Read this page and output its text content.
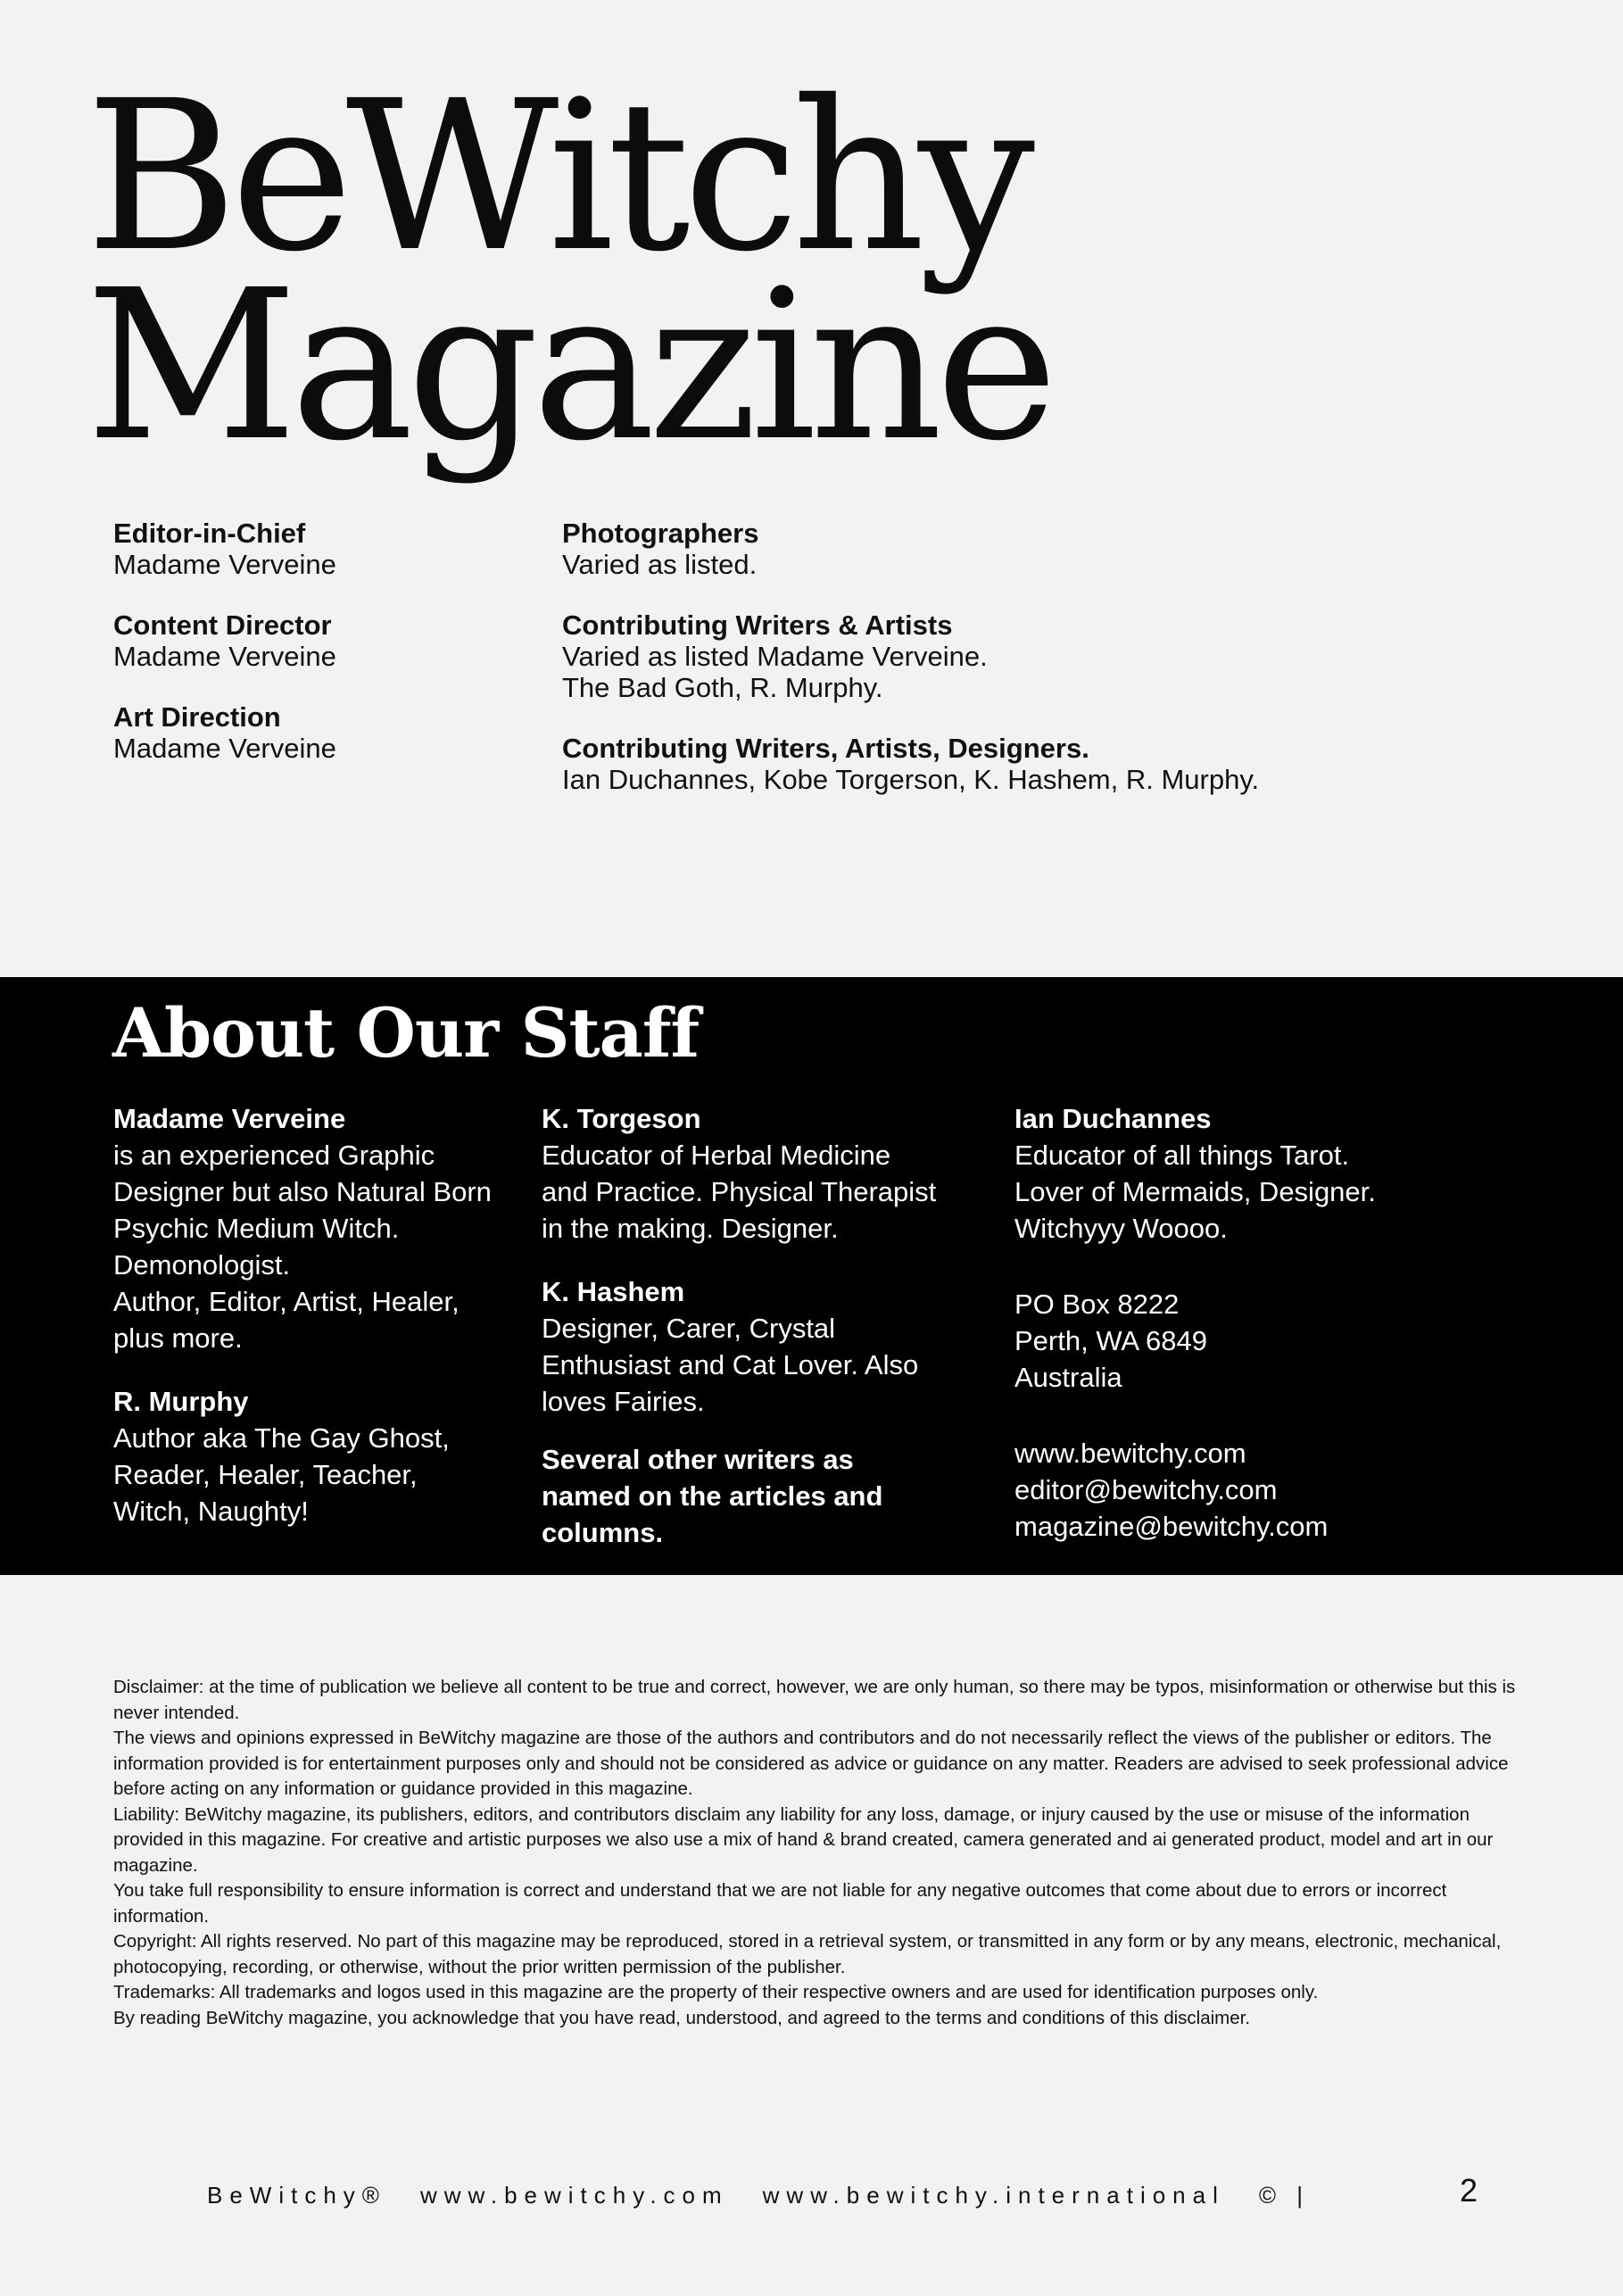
BeWitchy
Magazine
Editor-in-Chief
Madame Verveine
Content Director
Madame Verveine
Art Direction
Madame Verveine
Photographers
Varied as listed.
Contributing Writers & Artists
Varied as listed Madame Verveine.
The Bad Goth, R. Murphy.
Contributing Writers, Artists, Designers.
Ian Duchannes, Kobe Torgerson, K. Hashem, R. Murphy.
About Our Staff
Madame Verveine
is an experienced Graphic
Designer but also Natural Born
Psychic Medium Witch.
Demonologist.
Author, Editor, Artist, Healer,
plus more.
R. Murphy
Author aka The Gay Ghost,
Reader, Healer, Teacher,
Witch, Naughty!
K. Torgeson
Educator of Herbal Medicine
and Practice. Physical Therapist
in the making. Designer.
K. Hashem
Designer, Carer, Crystal
Enthusiast and Cat Lover. Also
loves Fairies.
Several other writers as
named on the articles and
columns.
Ian Duchannes
Educator of all things Tarot.
Lover of Mermaids, Designer.
Witchyyy Woooo.
PO Box 8222
Perth, WA 6849
Australia
www.bewitchy.com
editor@bewitchy.com
magazine@bewitchy.com

Disclaimer: at the time of publication we believe all content to be true and correct, however, we are only human, so there may be typos, misinformation or otherwise but this is never intended.

The views and opinions expressed in BeWitchy magazine are those of the authors and contributors and do not necessarily reflect the views of the publisher or editors. The information provided is for entertainment purposes only and should not be considered as advice or guidance on any matter. Readers are advised to seek professional advice before acting on any information or guidance provided in this magazine.

Liability: BeWitchy magazine, its publishers, editors, and contributors disclaim any liability for any loss, damage, or injury caused by the use or misuse of the information provided in this magazine. For creative and artistic purposes we also use a mix of hand & brand created, camera generated and ai generated product, model and art in our magazine.

You take full responsibility to ensure information is correct and understand that we are not liable for any negative outcomes that come about due to errors or incorrect information.

Copyright: All rights reserved. No part of this magazine may be reproduced, stored in a retrieval system, or transmitted in any form or by any means, electronic, mechanical, photocopying, recording, or otherwise, without the prior written permission of the publisher.

Trademarks: All trademarks and logos used in this magazine are the property of their respective owners and are used for identification purposes only.

By reading BeWitchy magazine, you acknowledge that you have read, understood, and agreed to the terms and conditions of this disclaimer.

BeWitchy® www.bewitchy.com www.bewitchy.international © |	2
